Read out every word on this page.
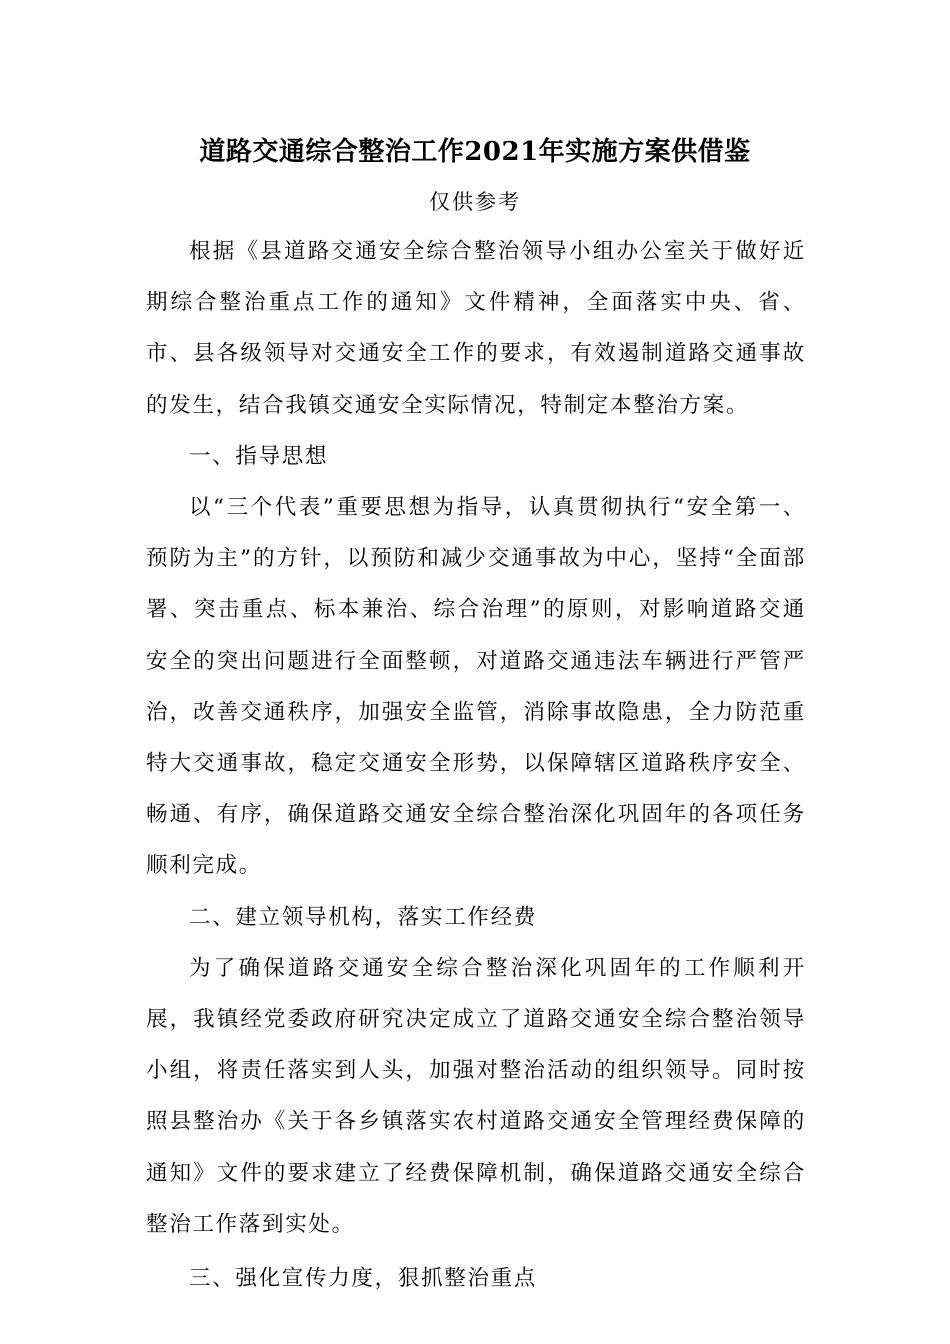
道路交通综合整治工作2021年实施方案供借鉴
仅供参考

根据《县道路交通安全综合整治领导小组办公室关于做好近期综合整治重点工作的通知》文件精神，全面落实中央、省、市、县各级领导对交通安全工作的要求，有效遏制道路交通事故的发生，结合我镇交通安全实际情况，特制定本整治方案。

一、指导思想

以“三个代表”重要思想为指导，认真贯彻执行“安全第一、预防为主”的方针，以预防和减少交通事故为中心，坚持“全面部署、突击重点、标本兼治、综合治理”的原则，对影响道路交通安全的突出问题进行全面整顿，对道路交通违法车辆进行严管严治，改善交通秩序，加强安全监管，消除事故隐患，全力防范重特大交通事故，稳定交通安全形势，以保障辖区道路秩序安全、畅通、有序，确保道路交通安全综合整治深化巩固年的各项任务顺利完成。

二、建立领导机构，落实工作经费

为了确保道路交通安全综合整治深化巩固年的工作顺利开展，我镇经党委政府研究决定成立了道路交通安全综合整治领导小组，将责任落实到人头，加强对整治活动的组织领导。同时按照县整治办《关于各乡镇落实农村道路交通安全管理经费保障的通知》文件的要求建立了经费保障机制，确保道路交通安全综合整治工作落到实处。

三、强化宣传力度，狠抓整治重点
